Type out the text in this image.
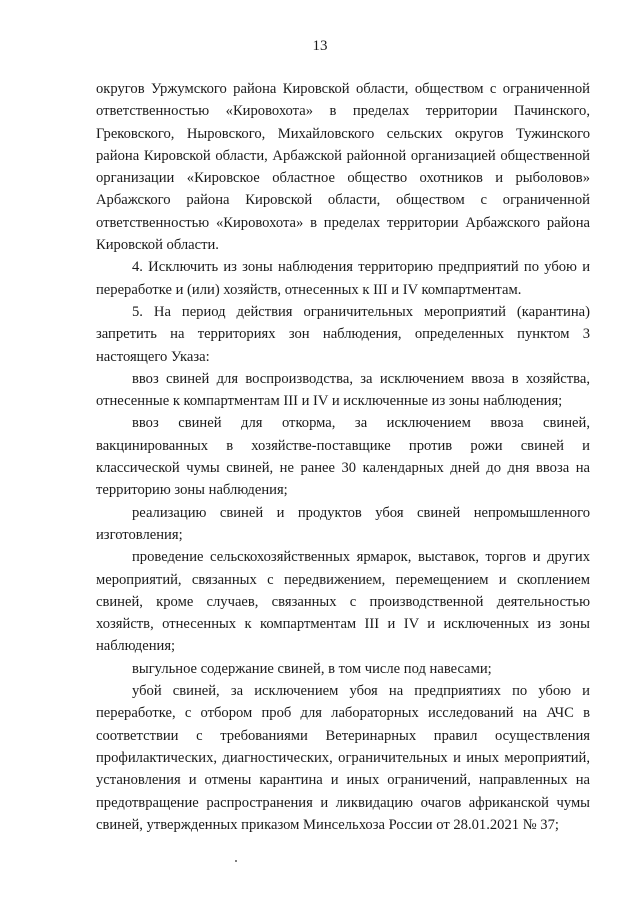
13

округов Уржумского района Кировской области, обществом с ограниченной ответственностью «Кировохота» в пределах территории Пачинского, Грековского, Ныровского, Михайловского сельских округов Тужинского района Кировской области, Арбажской районной организацией общественной организации «Кировское областное общество охотников и рыболовов» Арбажского района Кировской области, обществом с ограниченной ответственностью «Кировохота» в пределах территории Арбажского района Кировской области.

4. Исключить из зоны наблюдения территорию предприятий по убою и переработке и (или) хозяйств, отнесенных к III и IV компартментам.

5. На период действия ограничительных мероприятий (карантина) запретить на территориях зон наблюдения, определенных пунктом 3 настоящего Указа:

ввоз свиней для воспроизводства, за исключением ввоза в хозяйства, отнесенные к компартментам III и IV и исключенные из зоны наблюдения;

ввоз свиней для откорма, за исключением ввоза свиней, вакцинированных в хозяйстве-поставщике против рожи свиней и классической чумы свиней, не ранее 30 календарных дней до дня ввоза на территорию зоны наблюдения;

реализацию свиней и продуктов убоя свиней непромышленного изготовления;

проведение сельскохозяйственных ярмарок, выставок, торгов и других мероприятий, связанных с передвижением, перемещением и скоплением свиней, кроме случаев, связанных с производственной деятельностью хозяйств, отнесенных к компартментам III и IV и исключенных из зоны наблюдения;

выгульное содержание свиней, в том числе под навесами;

убой свиней, за исключением убоя на предприятиях по убою и переработке, с отбором проб для лабораторных исследований на АЧС в соответствии с требованиями Ветеринарных правил осуществления профилактических, диагностических, ограничительных и иных мероприятий, установления и отмены карантина и иных ограничений, направленных на предотвращение распространения и ликвидацию очагов африканской чумы свиней, утвержденных приказом Минсельхоза России от 28.01.2021 № 37;
